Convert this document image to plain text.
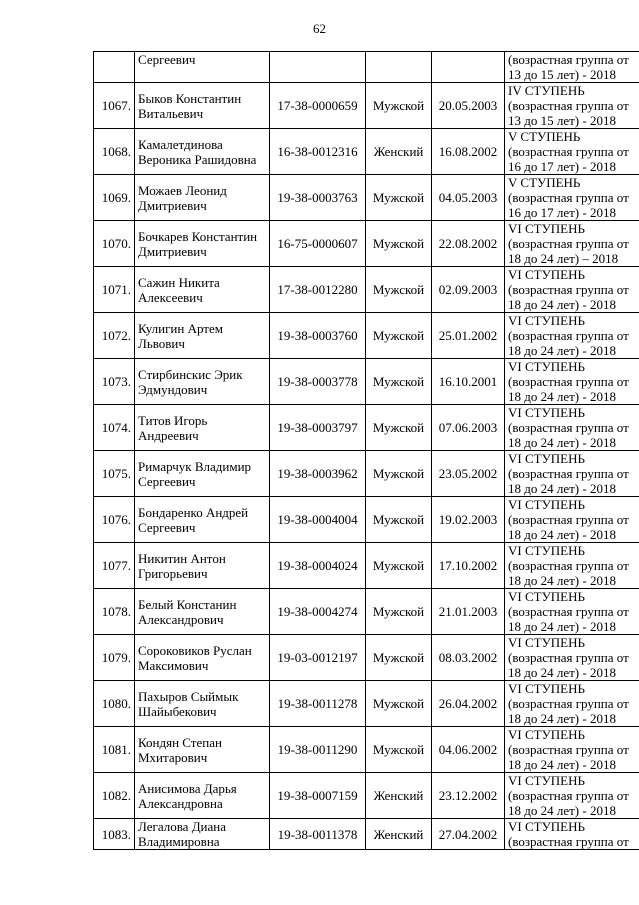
62

	Сергеевич				(возрастная группа от
13 до 15 лет) - 2018

1067.	Быков Константин
Витальевич	17-38-0000659	Мужской	20.05.2003	IV СТУПЕНЬ
(возрастная группа от
13 до 15 лет) - 2018

1068.	Камалетдинова
Вероника Рашидовна	16-38-0012316	Женский	16.08.2002	V СТУПЕНЬ
(возрастная группа от
16 до 17 лет) - 2018

1069.	Можаев Леонид
Дмитриевич	19-38-0003763	Мужской	04.05.2003	V СТУПЕНЬ
(возрастная группа от
16 до 17 лет) - 2018

1070.	Бочкарев Константин
Дмитриевич	16-75-0000607	Мужской	22.08.2002	VI СТУПЕНЬ
(возрастная группа от
18 до 24 лет) – 2018

1071.	Сажин Никита
Алексеевич	17-38-0012280	Мужской	02.09.2003	VI СТУПЕНЬ
(возрастная группа от
18 до 24 лет) - 2018

1072.	Кулигин Артем
Львович	19-38-0003760	Мужской	25.01.2002	VI СТУПЕНЬ
(возрастная группа от
18 до 24 лет) - 2018

1073.	Стирбинскис Эрик
Эдмундович	19-38-0003778	Мужской	16.10.2001	VI СТУПЕНЬ
(возрастная группа от
18 до 24 лет) - 2018

1074.	Титов Игорь
Андреевич	19-38-0003797	Мужской	07.06.2003	VI СТУПЕНЬ
(возрастная группа от
18 до 24 лет) - 2018

1075.	Римарчук Владимир
Сергеевич	19-38-0003962	Мужской	23.05.2002	VI СТУПЕНЬ
(возрастная группа от
18 до 24 лет) - 2018

1076.	Бондаренко Андрей
Сергеевич	19-38-0004004	Мужской	19.02.2003	VI СТУПЕНЬ
(возрастная группа от
18 до 24 лет) - 2018

1077.	Никитин Антон
Григорьевич	19-38-0004024	Мужской	17.10.2002	VI СТУПЕНЬ
(возрастная группа от
18 до 24 лет) - 2018

1078.	Белый Констанин
Александрович	19-38-0004274	Мужской	21.01.2003	VI СТУПЕНЬ
(возрастная группа от
18 до 24 лет) - 2018

1079.	Сороковиков Руслан
Максимович	19-03-0012197	Мужской	08.03.2002	VI СТУПЕНЬ
(возрастная группа от
18 до 24 лет) - 2018

1080.	Пахыров Сыймык
Шайыбекович	19-38-0011278	Мужской	26.04.2002	VI СТУПЕНЬ
(возрастная группа от
18 до 24 лет) - 2018

1081.	Кондян Степан
Мхитарович	19-38-0011290	Мужской	04.06.2002	VI СТУПЕНЬ
(возрастная группа от
18 до 24 лет) - 2018

1082.	Анисимова Дарья
Александровна	19-38-0007159	Женский	23.12.2002	VI СТУПЕНЬ
(возрастная группа от
18 до 24 лет) - 2018

1083.	Легалова Диана
Владимировна	19-38-0011378	Женский	27.04.2002	VI СТУПЕНЬ
(возрастная группа от
